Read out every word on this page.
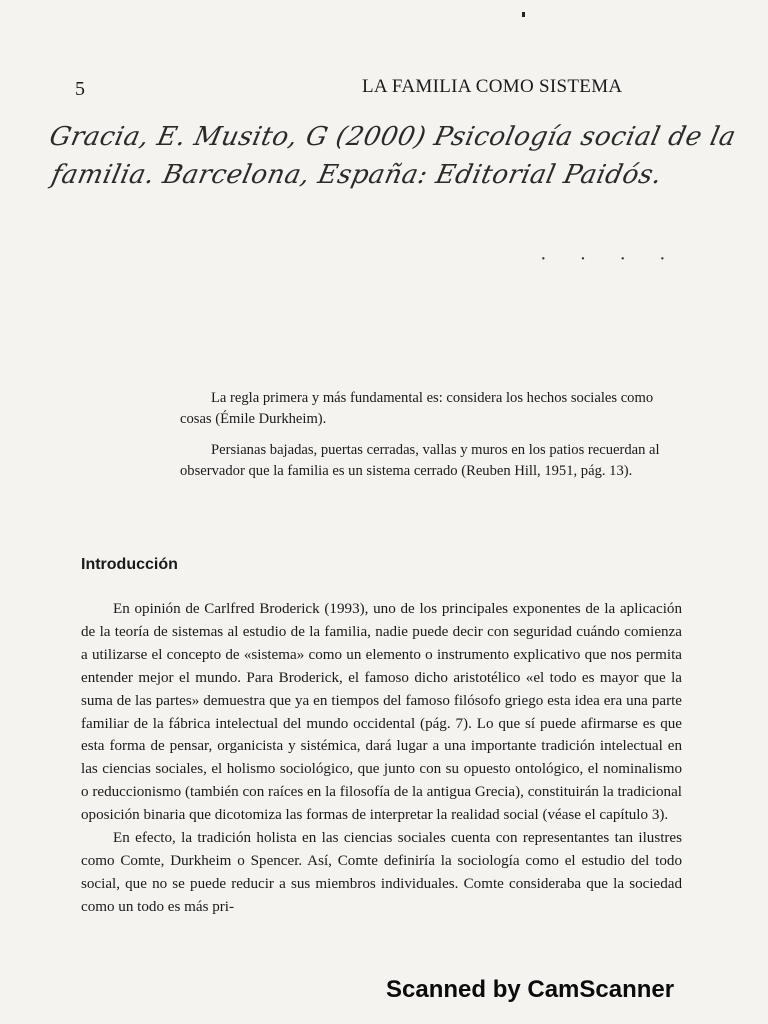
5	LA FAMILIA COMO SISTEMA
Gracia, E. Musito, G (2000) Psicología social de la
familia. Barcelona, España: Editorial Paidós.
· · · ·

La regla primera y más fundamental es: considera los hechos sociales como cosas (Émile Durkheim).

Persianas bajadas, puertas cerradas, vallas y muros en los patios recuerdan al observador que la familia es un sistema cerrado (Reuben Hill, 1951, pág. 13).

Introducción

En opinión de Carlfred Broderick (1993), uno de los principales exponentes de la aplicación de la teoría de sistemas al estudio de la familia, nadie puede decir con seguridad cuándo comienza a utilizarse el concepto de «sistema» como un elemento o instrumento explicativo que nos permita entender mejor el mundo. Para Broderick, el famoso dicho aristotélico «el todo es mayor que la suma de las partes» demuestra que ya en tiempos del famoso filósofo griego esta idea era una parte familiar de la fábrica intelectual del mundo occidental (pág. 7). Lo que sí puede afirmarse es que esta forma de pensar, organicista y sistémica, dará lugar a una importante tradición intelectual en las ciencias sociales, el holismo sociológico, que junto con su opuesto ontológico, el nominalismo o reduccionismo (también con raíces en la filosofía de la antigua Grecia), constituirán la tradicional oposición binaria que dicotomiza las formas de interpretar la realidad social (véase el capítulo 3).

En efecto, la tradición holista en las ciencias sociales cuenta con representantes tan ilustres como Comte, Durkheim o Spencer. Así, Comte definiría la sociología como el estudio del todo social, que no se puede reducir a sus miembros individuales. Comte consideraba que la sociedad como un todo es más pri-

Scanned by CamScanner
